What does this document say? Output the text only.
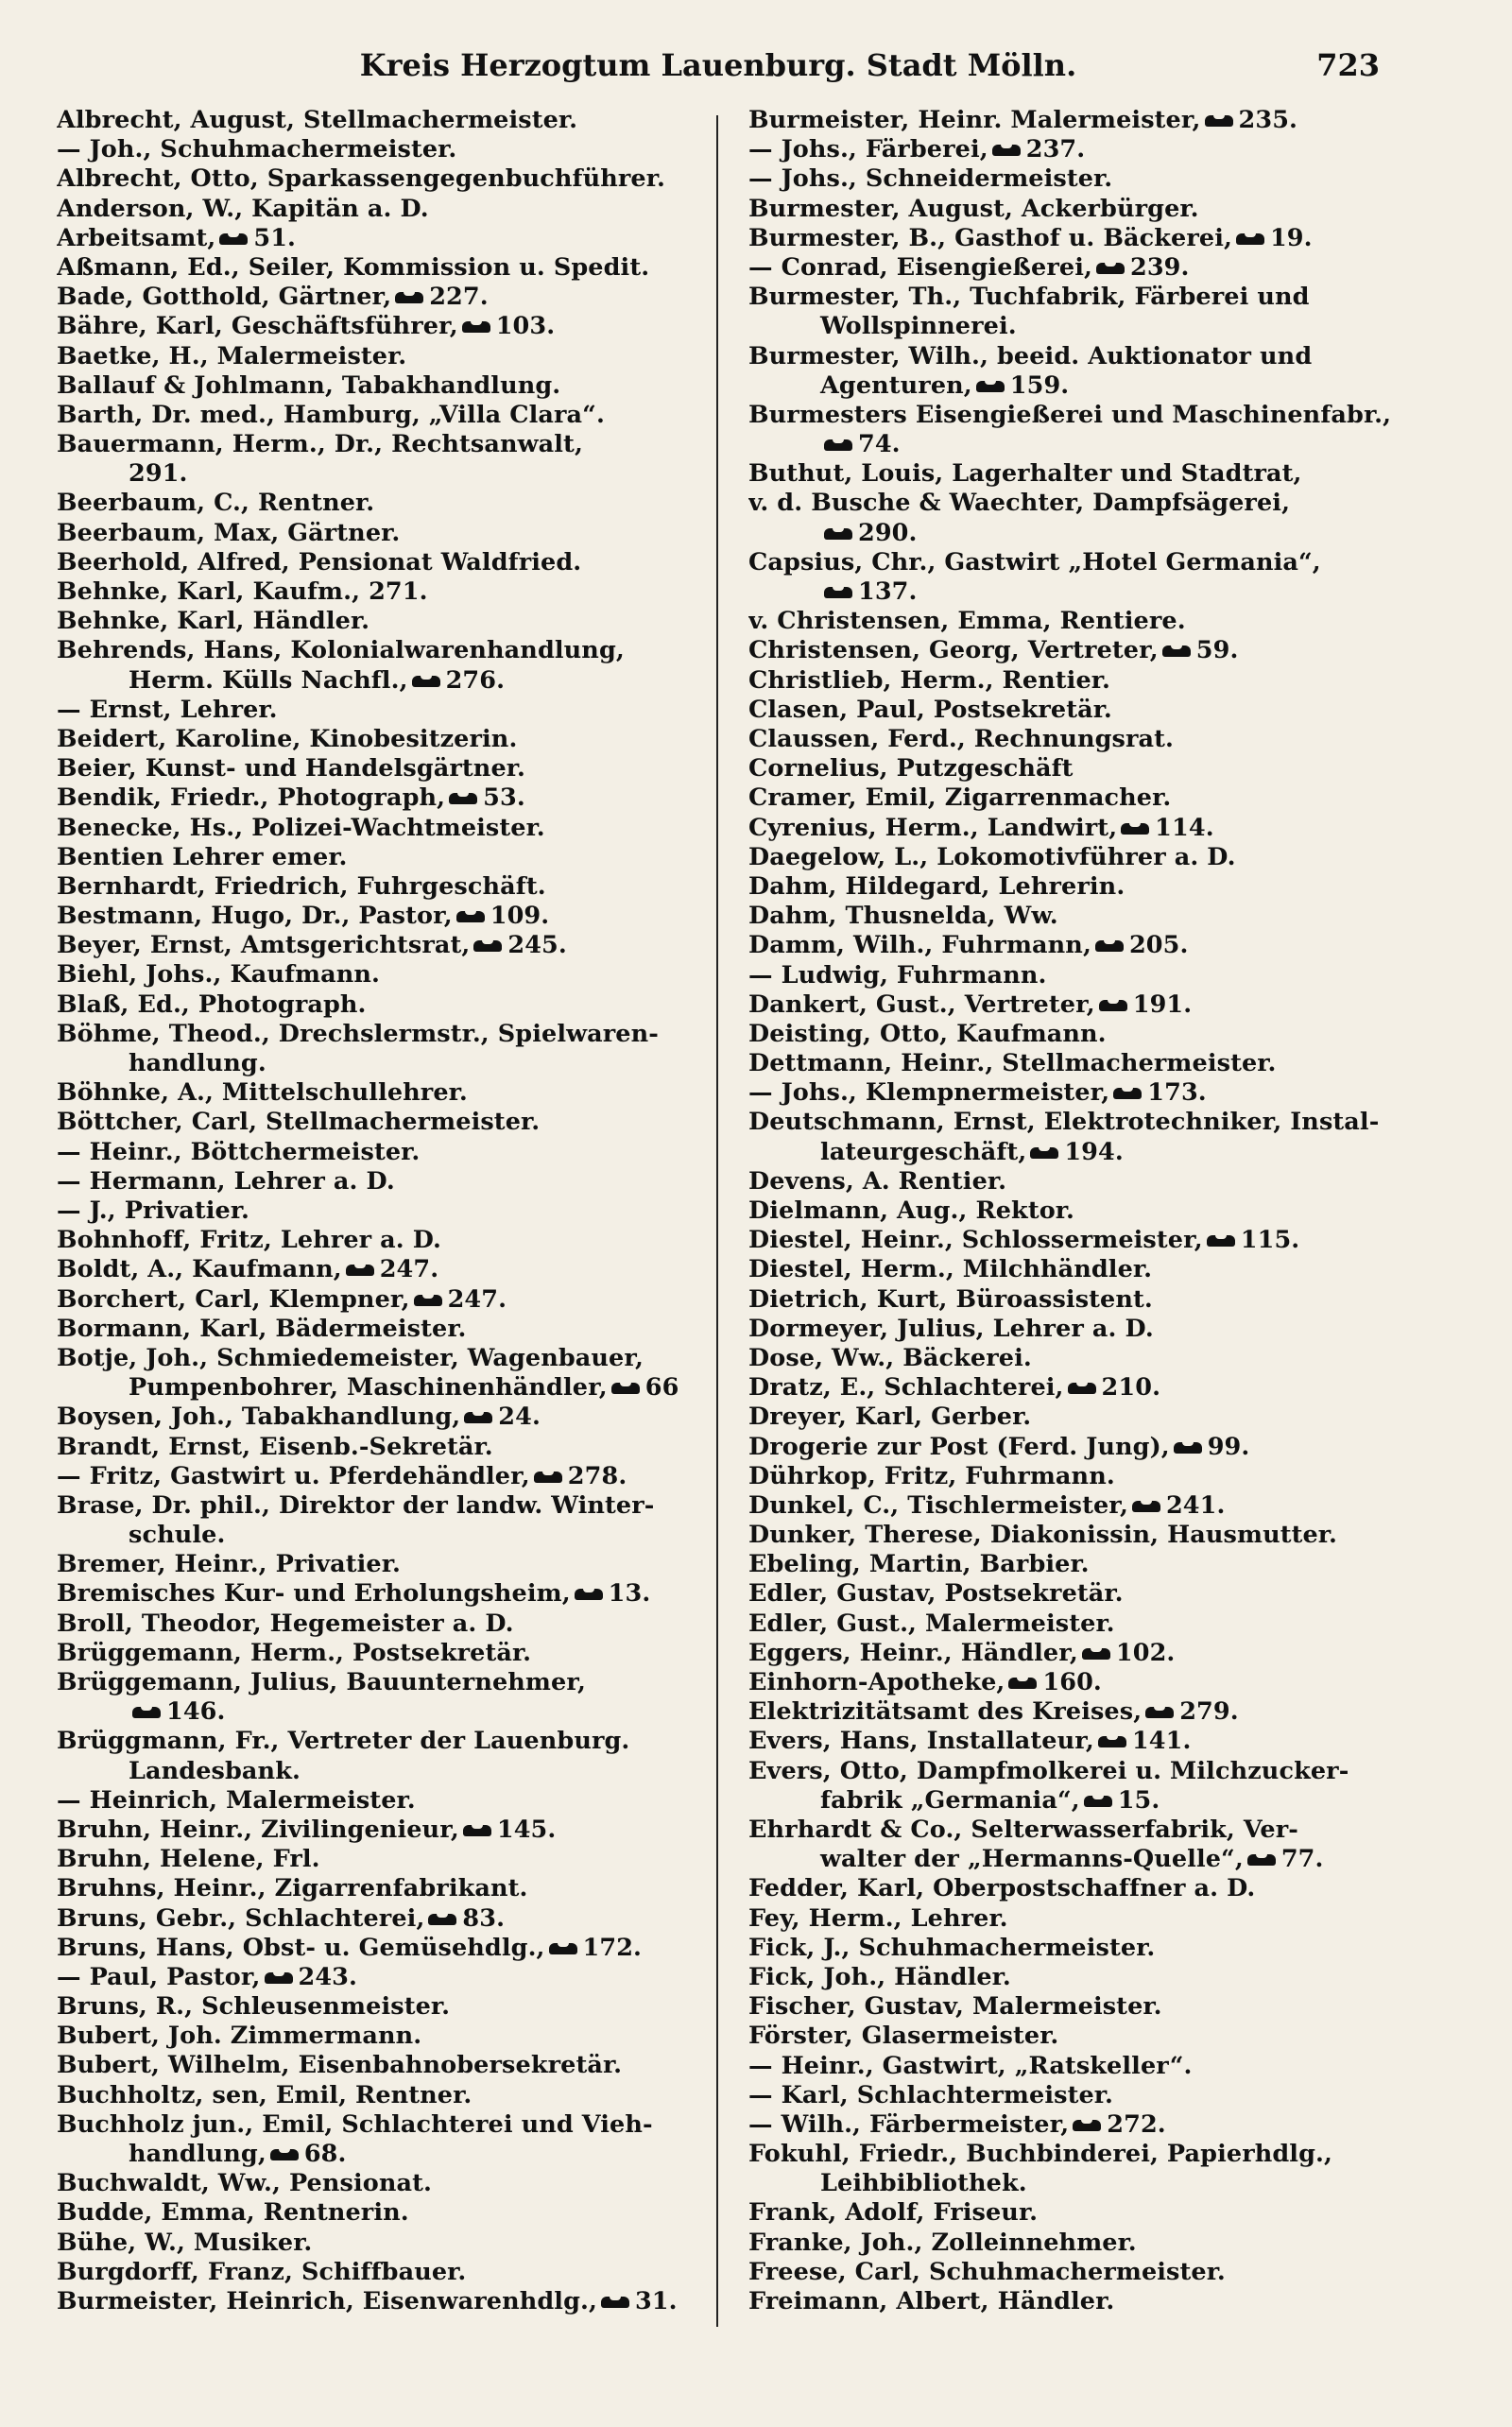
Kreis Herzogtum Lauenburg. Stadt Mölln.	723
Albrecht, August, Stellmachermeister.
— Joh., Schuhmachermeister.
Albrecht, Otto, Sparkassengegenbuchführer.
Anderson, W., Kapitän a. D.
Arbeitsamt, 51.
Aßmann, Ed., Seiler, Kommission u. Spedit.
Bade, Gotthold, Gärtner, 227.
Bähre, Karl, Geschäftsführer, 103.
Baetke, H., Malermeister.
Ballauf & Johlmann, Tabakhandlung.
Barth, Dr. med., Hamburg, „Villa Clara“.
Bauermann, Herm., Dr., Rechtsanwalt,
291.
Beerbaum, C., Rentner.
Beerbaum, Max, Gärtner.
Beerhold, Alfred, Pensionat Waldfried.
Behnke, Karl, Kaufm., 271.
Behnke, Karl, Händler.
Behrends, Hans, Kolonialwarenhandlung,
Herm. Külls Nachfl., 276.
— Ernst, Lehrer.
Beidert, Karoline, Kinobesitzerin.
Beier, Kunst- und Handelsgärtner.
Bendik, Friedr., Photograph, 53.
Benecke, Hs., Polizei-Wachtmeister.
Bentien Lehrer emer.
Bernhardt, Friedrich, Fuhrgeschäft.
Bestmann, Hugo, Dr., Pastor, 109.
Beyer, Ernst, Amtsgerichtsrat, 245.
Biehl, Johs., Kaufmann.
Blaß, Ed., Photograph.
Böhme, Theod., Drechslermstr., Spielwaren-
handlung.
Böhnke, A., Mittelschullehrer.
Böttcher, Carl, Stellmachermeister.
— Heinr., Böttchermeister.
— Hermann, Lehrer a. D.
— J., Privatier.
Bohnhoff, Fritz, Lehrer a. D.
Boldt, A., Kaufmann, 247.
Borchert, Carl, Klempner, 247.
Bormann, Karl, Bädermeister.
Botje, Joh., Schmiedemeister, Wagenbauer,
Pumpenbohrer, Maschinenhändler, 66
Boysen, Joh., Tabakhandlung, 24.
Brandt, Ernst, Eisenb.-Sekretär.
— Fritz, Gastwirt u. Pferdehändler, 278.
Brase, Dr. phil., Direktor der landw. Winter-
schule.
Bremer, Heinr., Privatier.
Bremisches Kur- und Erholungsheim, 13.
Broll, Theodor, Hegemeister a. D.
Brüggemann, Herm., Postsekretär.
Brüggemann, Julius, Bauunternehmer,
146.
Brüggmann, Fr., Vertreter der Lauenburg.
Landesbank.
— Heinrich, Malermeister.
Bruhn, Heinr., Zivilingenieur, 145.
Bruhn, Helene, Frl.
Bruhns, Heinr., Zigarrenfabrikant.
Bruns, Gebr., Schlachterei, 83.
Bruns, Hans, Obst- u. Gemüsehdlg., 172.
— Paul, Pastor, 243.
Bruns, R., Schleusenmeister.
Bubert, Joh. Zimmermann.
Bubert, Wilhelm, Eisenbahnobersekretär.
Buchholtz, sen, Emil, Rentner.
Buchholz jun., Emil, Schlachterei und Vieh-
handlung, 68.
Buchwaldt, Ww., Pensionat.
Budde, Emma, Rentnerin.
Bühe, W., Musiker.
Burgdorff, Franz, Schiffbauer.
Burmeister, Heinrich, Eisenwarenhdlg., 31.
Burmeister, Heinr. Malermeister, 235.
— Johs., Färberei, 237.
— Johs., Schneidermeister.
Burmester, August, Ackerbürger.
Burmester, B., Gasthof u. Bäckerei, 19.
— Conrad, Eisengießerei, 239.
Burmester, Th., Tuchfabrik, Färberei und
Wollspinnerei.
Burmester, Wilh., beeid. Auktionator und
Agenturen, 159.
Burmesters Eisengießerei und Maschinenfabr.,
74.
Buthut, Louis, Lagerhalter und Stadtrat,
v. d. Busche & Waechter, Dampfsägerei,
290.
Capsius, Chr., Gastwirt „Hotel Germania“,
137.
v. Christensen, Emma, Rentiere.
Christensen, Georg, Vertreter, 59.
Christlieb, Herm., Rentier.
Clasen, Paul, Postsekretär.
Claussen, Ferd., Rechnungsrat.
Cornelius, Putzgeschäft
Cramer, Emil, Zigarrenmacher.
Cyrenius, Herm., Landwirt, 114.
Daegelow, L., Lokomotivführer a. D.
Dahm, Hildegard, Lehrerin.
Dahm, Thusnelda, Ww.
Damm, Wilh., Fuhrmann, 205.
— Ludwig, Fuhrmann.
Dankert, Gust., Vertreter, 191.
Deisting, Otto, Kaufmann.
Dettmann, Heinr., Stellmachermeister.
— Johs., Klempnermeister, 173.
Deutschmann, Ernst, Elektrotechniker, Instal-
lateurgeschäft, 194.
Devens, A. Rentier.
Dielmann, Aug., Rektor.
Diestel, Heinr., Schlossermeister, 115.
Diestel, Herm., Milchhändler.
Dietrich, Kurt, Büroassistent.
Dormeyer, Julius, Lehrer a. D.
Dose, Ww., Bäckerei.
Dratz, E., Schlachterei, 210.
Dreyer, Karl, Gerber.
Drogerie zur Post (Ferd. Jung), 99.
Dührkop, Fritz, Fuhrmann.
Dunkel, C., Tischlermeister, 241.
Dunker, Therese, Diakonissin, Hausmutter.
Ebeling, Martin, Barbier.
Edler, Gustav, Postsekretär.
Edler, Gust., Malermeister.
Eggers, Heinr., Händler, 102.
Einhorn-Apotheke, 160.
Elektrizitätsamt des Kreises, 279.
Evers, Hans, Installateur, 141.
Evers, Otto, Dampfmolkerei u. Milchzucker-
fabrik „Germania“, 15.
Ehrhardt & Co., Selterwasserfabrik, Ver-
walter der „Hermanns-Quelle“, 77.
Fedder, Karl, Oberpostschaffner a. D.
Fey, Herm., Lehrer.
Fick, J., Schuhmachermeister.
Fick, Joh., Händler.
Fischer, Gustav, Malermeister.
Förster, Glasermeister.
— Heinr., Gastwirt, „Ratskeller“.
— Karl, Schlachtermeister.
— Wilh., Färbermeister, 272.
Fokuhl, Friedr., Buchbinderei, Papierhdlg.,
Leihbibliothek.
Frank, Adolf, Friseur.
Franke, Joh., Zolleinnehmer.
Freese, Carl, Schuhmachermeister.
Freimann, Albert, Händler.
